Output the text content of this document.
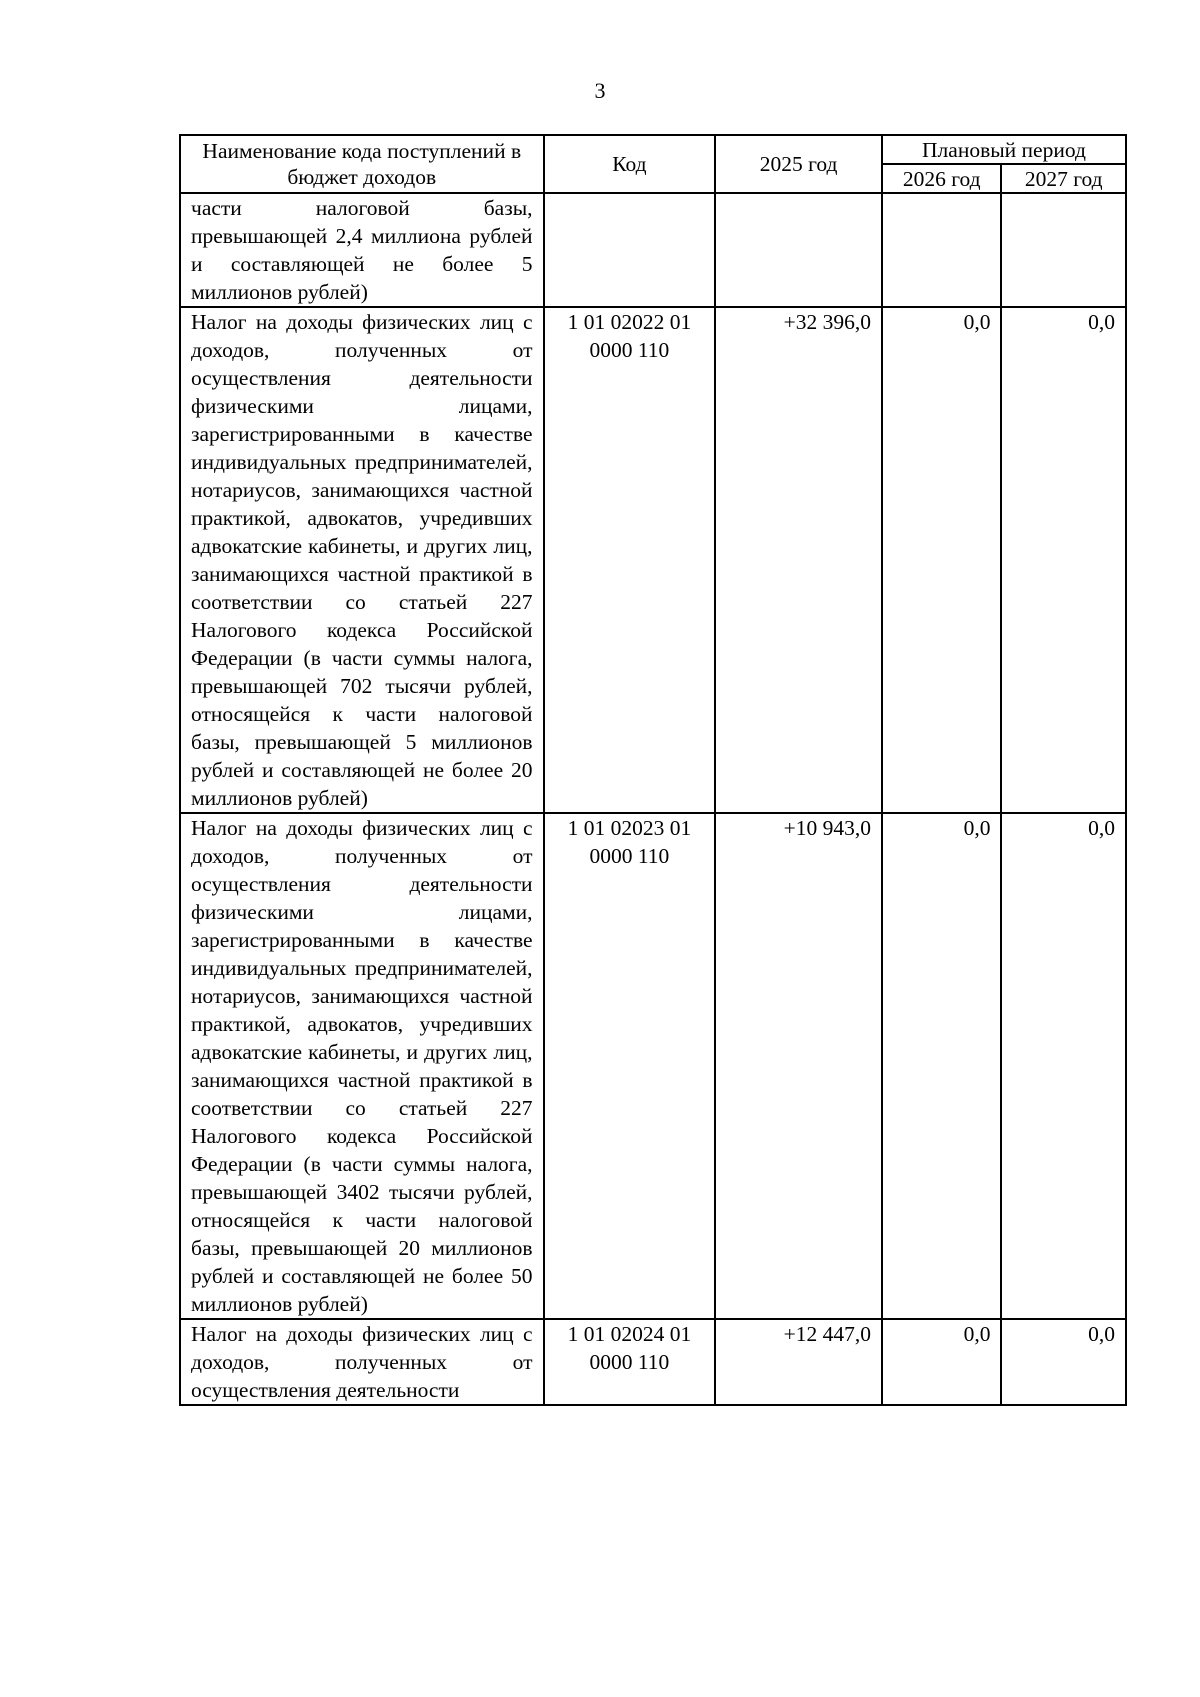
3
Наименование кода поступлений в бюджет доходов	Код	2025 год	Плановый период	
			2026 год	2027 год
части налоговой базы, превышающей 2,4 миллиона рублей и составляющей не более 5 миллионов рублей)				
Налог на доходы физических лиц с доходов, полученных от осуществления деятельности физическими лицами, зарегистрированными в качестве индивидуальных предпринимателей, нотариусов, занимающихся частной практикой, адвокатов, учредивших адвокатские кабинеты, и других лиц, занимающихся частной практикой в соответствии со статьей 227 Налогового кодекса Российской Федерации (в части суммы налога, превышающей 702 тысячи рублей, относящейся к части налоговой базы, превышающей 5 миллионов рублей и составляющей не более 20 миллионов рублей)	1 01 02022 01 0000 110	+32 396,0	0,0	0,0
Налог на доходы физических лиц с доходов, полученных от осуществления деятельности физическими лицами, зарегистрированными в качестве индивидуальных предпринимателей, нотариусов, занимающихся частной практикой, адвокатов, учредивших адвокатские кабинеты, и других лиц, занимающихся частной практикой в соответствии со статьей 227 Налогового кодекса Российской Федерации (в части суммы налога, превышающей 3402 тысячи рублей, относящейся к части налоговой базы, превышающей 20 миллионов рублей и составляющей не более 50 миллионов рублей)	1 01 02023 01 0000 110	+10 943,0	0,0	0,0
Налог на доходы физических лиц с доходов, полученных от осуществления деятельности	1 01 02024 01 0000 110	+12 447,0	0,0	0,0
